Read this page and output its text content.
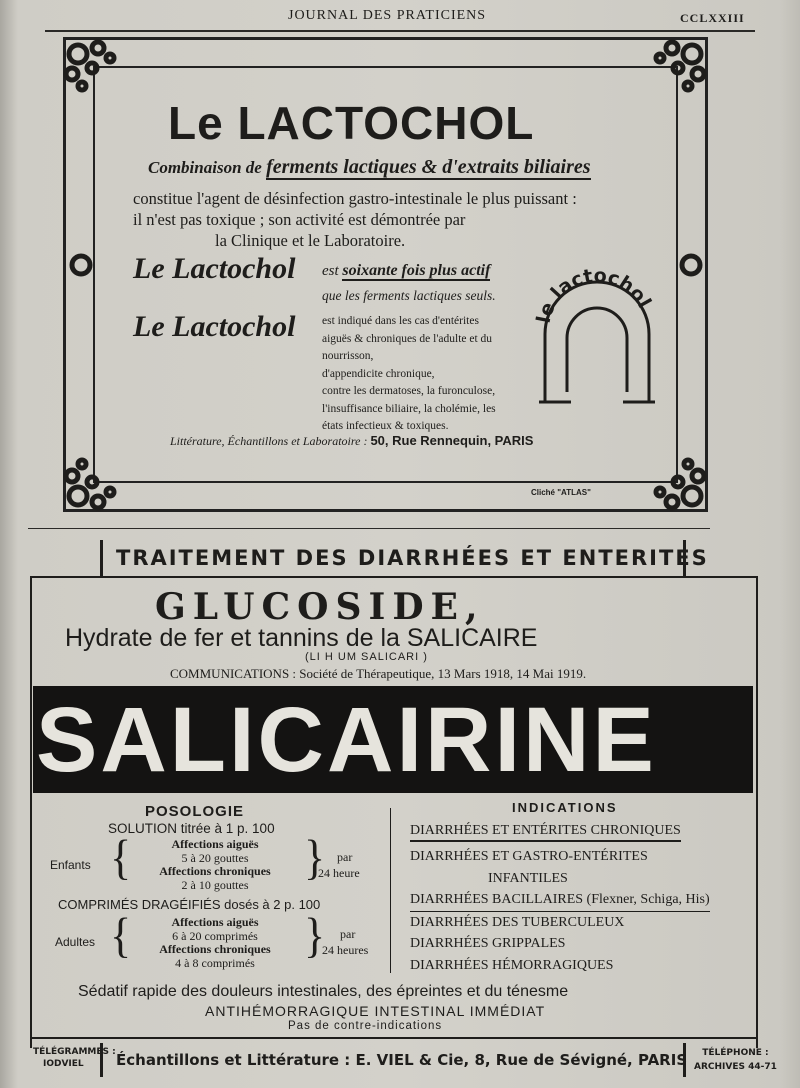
JOURNAL DES PRATICIENS	CCLXXIII
Le LACTOCHOL
Combinaison de ferments lactiques & d'extraits biliaires
constitue l'agent de désinfection gastro-intestinale le plus puissant :
il n'est pas toxique ; son activité est démontrée par
la Clinique et le Laboratoire.
Le Lactochol est soixante fois plus actif
que les ferments lactiques seuls.
Le Lactochol est indiqué dans les cas d'entérites
aiguës & chroniques de l'adulte et du
nourrisson,
d'appendicite chronique,
contre les dermatoses, la furonculose,
l'insuffisance biliaire, la cholémie, les
états infectieux & toxiques.
le lactochol
Littérature, Échantillons et Laboratoire : 50, Rue Rennequin, PARIS
Cliché "ATLAS"
TRAITEMENT DES DIARRHÉES ET ENTERITES
GLUCOSIDE,
Hydrate de fer et tannins de la SALICAIRE
(LI H UM SALICARI )
COMMUNICATIONS : Société de Thérapeutique, 13 Mars 1918, 14 Mai 1919.
SALICAIRINE
POSOLOGIE
SOLUTION titrée à 1 p. 100
Enfants {	Affections aiguës
5 à 20 gouttes
Affections chroniques
2 à 10 gouttes
} par
24 heure
COMPRIMÉS DRAGÉIFIÉS dosés à 2 p. 100
Adultes {	Affections aiguës
6 à 20 comprimés
Affections chroniques
4 à 8 comprimés
} par
24 heures
INDICATIONS
DIARRHÉES ET ENTÉRITES CHRONIQUES
DIARRHÉES ET GASTRO-ENTÉRITES
INFANTILES
DIARRHÉES BACILLAIRES (Flexner, Schiga, His)
DIARRHÉES DES TUBERCULEUX
DIARRHÉES GRIPPALES
DIARRHÉES HÉMORRAGIQUES
Sédatif rapide des douleurs intestinales, des épreintes et du ténesme
ANTIHÉMORRAGIQUE INTESTINAL IMMÉDIAT
Pas de contre-indications
TÉLÉGRAMMES :
IODVIEL	Échantillons et Littérature : E. VIEL & Cie, 8, Rue de Sévigné, PARIS	TÉLÉPHONE :
ARCHIVES 44-71
